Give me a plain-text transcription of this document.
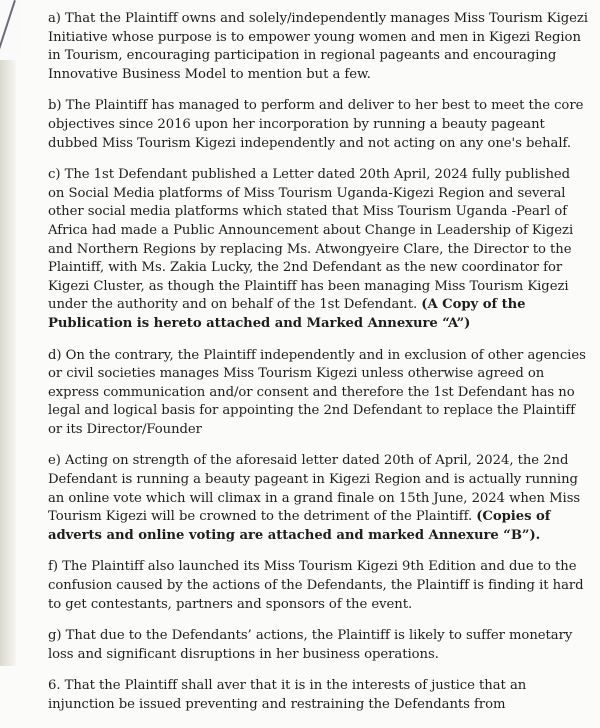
a) That the Plaintiff owns and solely/independently manages Miss Tourism Kigezi Initiative whose purpose is to empower young women and men in Kigezi Region in Tourism, encouraging participation in regional pageants and encouraging Innovative Business Model to mention but a few.

b) The Plaintiff has managed to perform and deliver to her best to meet the core objectives since 2016 upon her incorporation by running a beauty pageant dubbed Miss Tourism Kigezi independently and not acting on any one's behalf.

c) The 1st Defendant published a Letter dated 20th April, 2024 fully published on Social Media platforms of Miss Tourism Uganda-Kigezi Region and several other social media platforms which stated that Miss Tourism Uganda -Pearl of Africa had made a Public Announcement about Change in Leadership of Kigezi and Northern Regions by replacing Ms. Atwongyeire Clare, the Director to the Plaintiff, with Ms. Zakia Lucky, the 2nd Defendant as the new coordinator for Kigezi Cluster, as though the Plaintiff has been managing Miss Tourism Kigezi under the authority and on behalf of the 1st Defendant. (A Copy of the Publication is hereto attached and Marked Annexure “A”)

d) On the contrary, the Plaintiff independently and in exclusion of other agencies or civil societies manages Miss Tourism Kigezi unless otherwise agreed on express communication and/or consent and therefore the 1st Defendant has no legal and logical basis for appointing the 2nd Defendant to replace the Plaintiff or its Director/Founder

e) Acting on strength of the aforesaid letter dated 20th of April, 2024, the 2nd Defendant is running a beauty pageant in Kigezi Region and is actually running an online vote which will climax in a grand finale on 15th June, 2024 when Miss Tourism Kigezi will be crowned to the detriment of the Plaintiff. (Copies of adverts and online voting are attached and marked Annexure “B”).

f) The Plaintiff also launched its Miss Tourism Kigezi 9th Edition and due to the confusion caused by the actions of the Defendants, the Plaintiff is finding it hard to get contestants, partners and sponsors of the event.

g) That due to the Defendants’ actions, the Plaintiff is likely to suffer monetary loss and significant disruptions in her business operations.

6. That the Plaintiff shall aver that it is in the interests of justice that an injunction be issued preventing and restraining the Defendants from
